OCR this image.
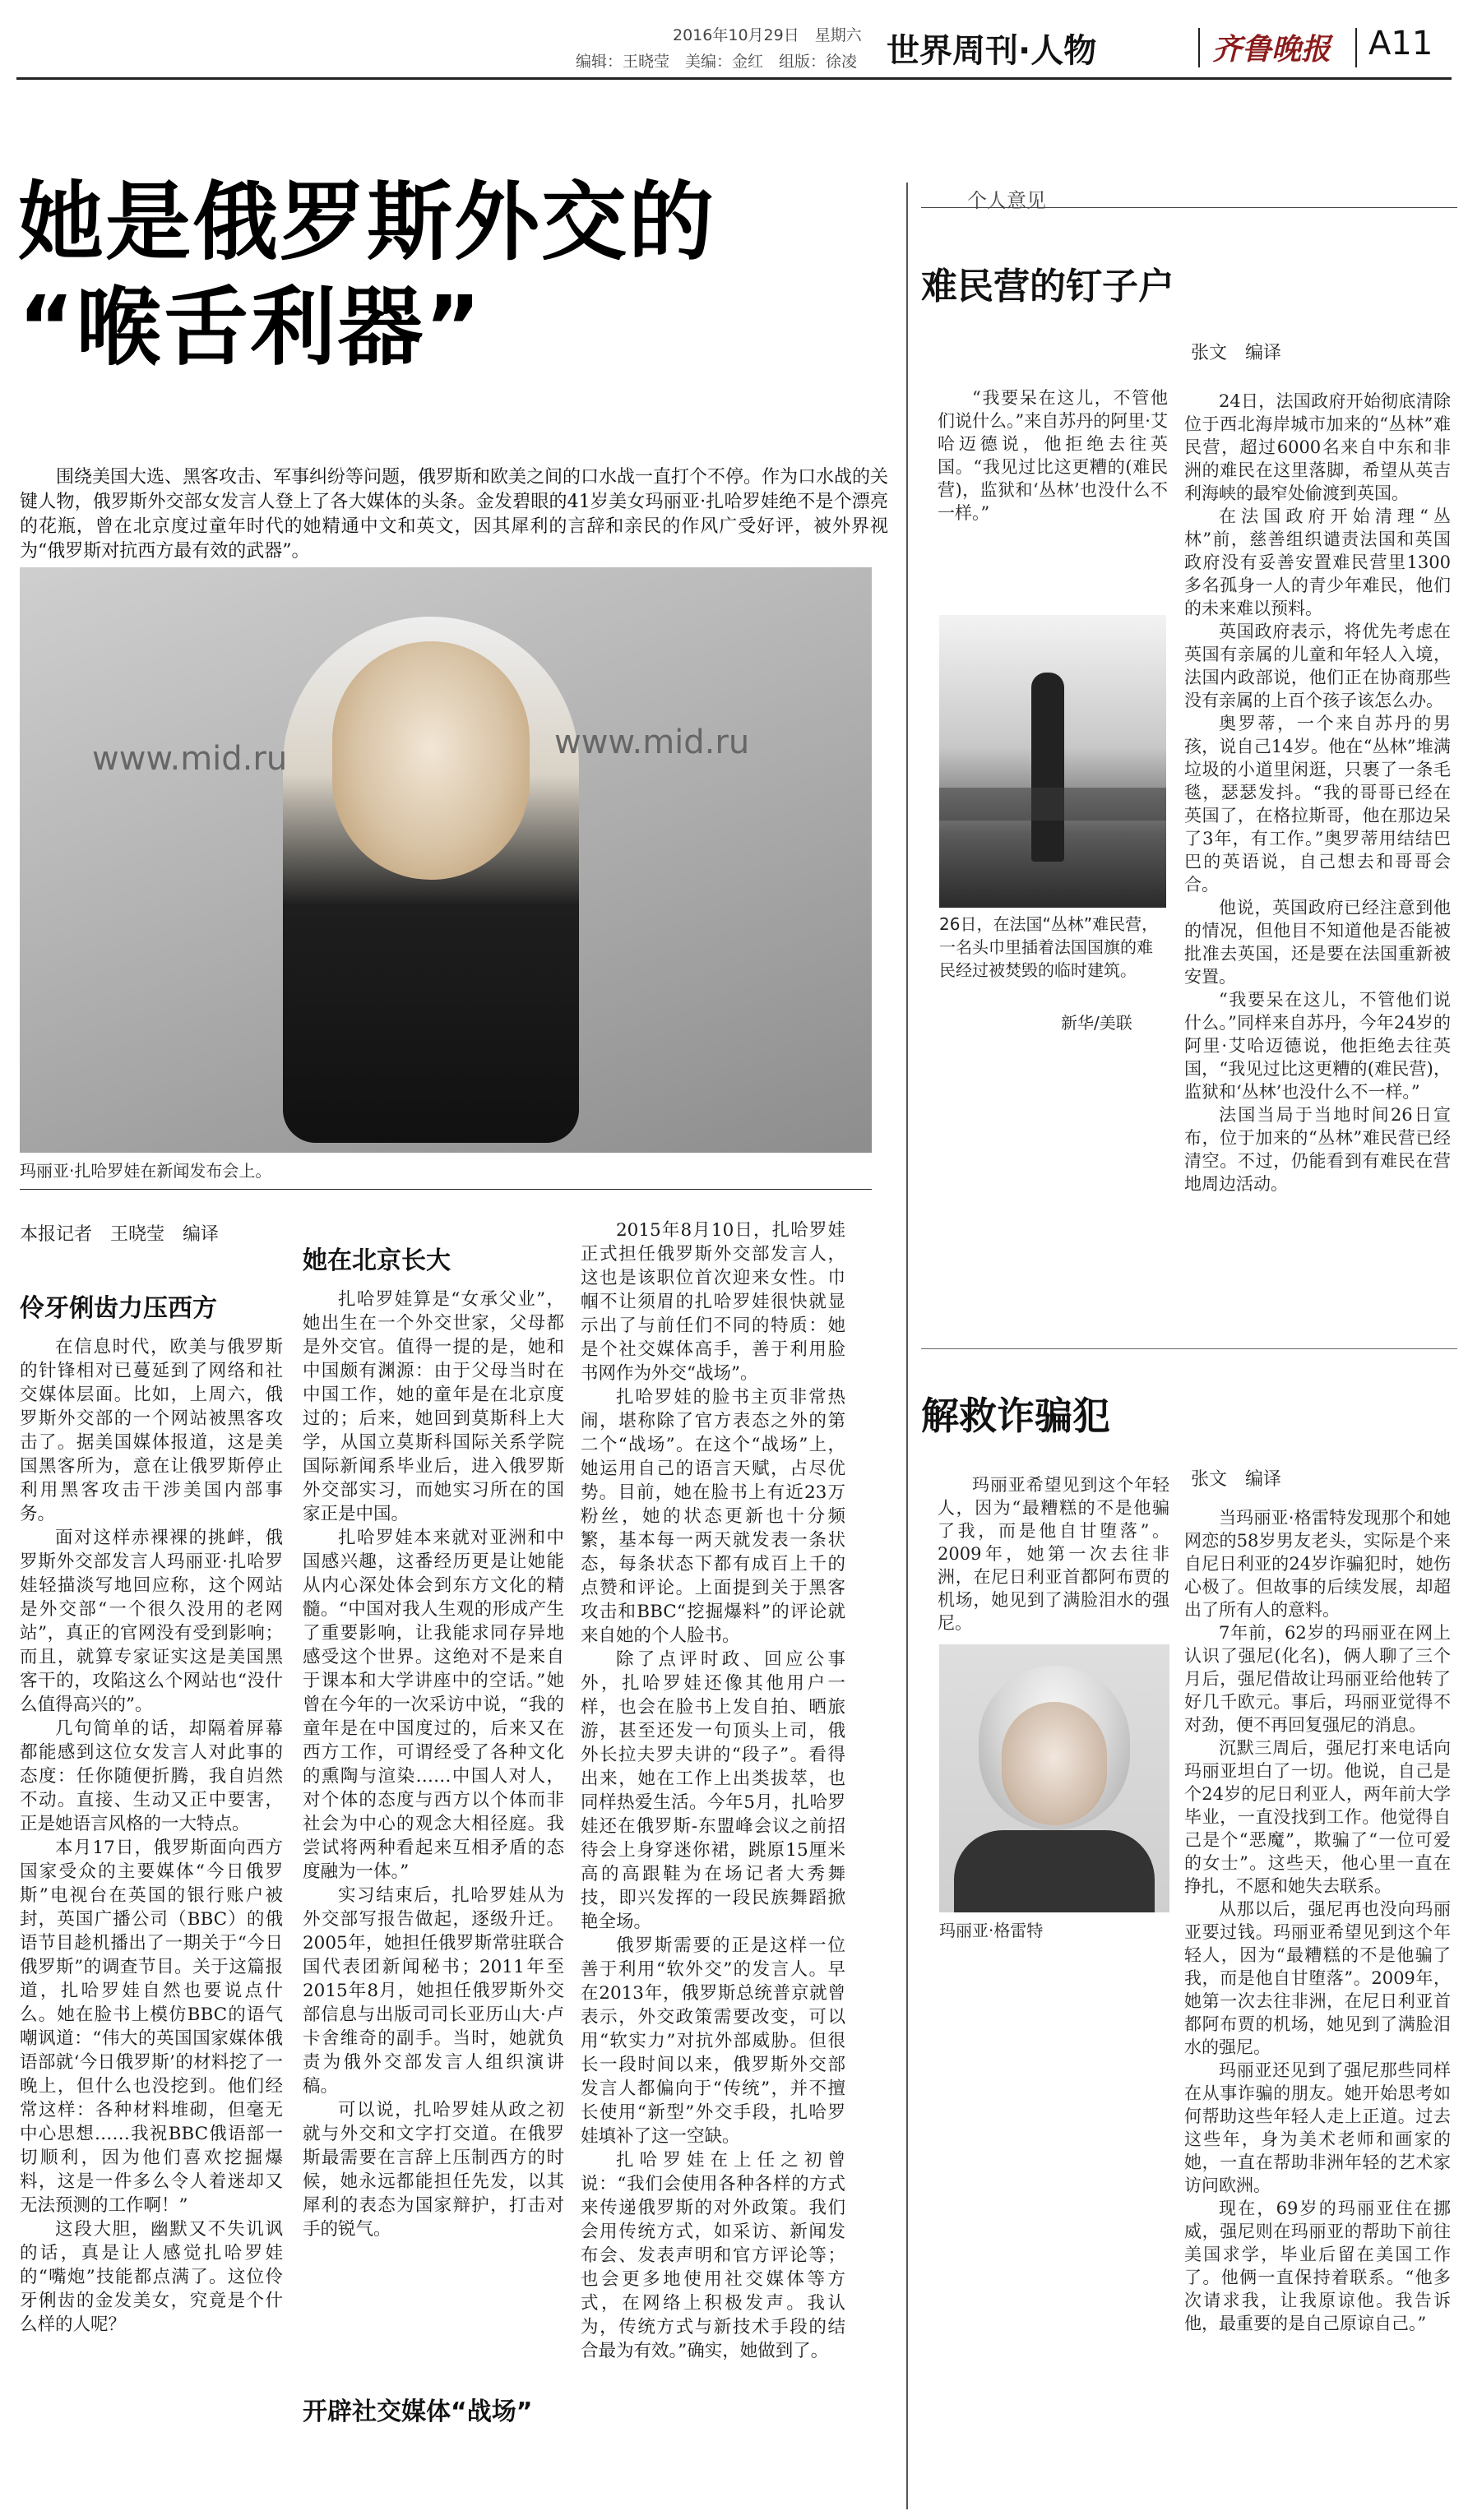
2016年10月29日　星期六
编辑：王晓莹　美编：金红　组版：徐凌 世界周刊·人物	齐鲁晚报 A11
她是俄罗斯外交的
“喉舌利器”
围绕美国大选、黑客攻击、军事纠纷等问题，俄罗斯和欧美之间的口水战一直打个不停。作为口水战的关键人物，俄罗斯外交部女发言人登上了各大媒体的头条。金发碧眼的41岁美女玛丽亚·扎哈罗娃绝不是个漂亮的花瓶，曾在北京度过童年时代的她精通中文和英文，因其犀利的言辞和亲民的作风广受好评，被外界视为“俄罗斯对抗西方最有效的武器”。
www.mid.ru	www.mid.ru
玛丽亚·扎哈罗娃在新闻发布会上。
本报记者　王晓莹　编译
伶牙俐齿力压西方

在信息时代，欧美与俄罗斯的针锋相对已蔓延到了网络和社交媒体层面。比如，上周六，俄罗斯外交部的一个网站被黑客攻击了。据美国媒体报道，这是美国黑客所为，意在让俄罗斯停止利用黑客攻击干涉美国内部事务。

面对这样赤裸裸的挑衅，俄罗斯外交部发言人玛丽亚·扎哈罗娃轻描淡写地回应称，这个网站是外交部“一个很久没用的老网站”，真正的官网没有受到影响；而且，就算专家证实这是美国黑客干的，攻陷这么个网站也“没什么值得高兴的”。

几句简单的话，却隔着屏幕都能感到这位女发言人对此事的态度：任你随便折腾，我自岿然不动。直接、生动又正中要害，正是她语言风格的一大特点。

本月17日，俄罗斯面向西方国家受众的主要媒体“今日俄罗斯”电视台在英国的银行账户被封，英国广播公司（BBC）的俄语节目趁机播出了一期关于“今日俄罗斯”的调查节目。关于这篇报道，扎哈罗娃自然也要说点什么。她在脸书上模仿BBC的语气嘲讽道：“伟大的英国国家媒体俄语部就‘今日俄罗斯’的材料挖了一晚上，但什么也没挖到。他们经常这样：各种材料堆砌，但毫无中心思想……我祝BBC俄语部一切顺利，因为他们喜欢挖掘爆料，这是一件多么令人着迷却又无法预测的工作啊！”

这段大胆，幽默又不失讥讽的话，真是让人感觉扎哈罗娃的“嘴炮”技能都点满了。这位伶牙俐齿的金发美女，究竟是个什么样的人呢？

她在北京长大

扎哈罗娃算是“女承父业”，她出生在一个外交世家，父母都是外交官。值得一提的是，她和中国颇有渊源：由于父母当时在中国工作，她的童年是在北京度过的；后来，她回到莫斯科上大学，从国立莫斯科国际关系学院国际新闻系毕业后，进入俄罗斯外交部实习，而她实习所在的国家正是中国。

扎哈罗娃本来就对亚洲和中国感兴趣，这番经历更是让她能从内心深处体会到东方文化的精髓。“中国对我人生观的形成产生了重要影响，让我能求同存异地感受这个世界。这绝对不是来自于课本和大学讲座中的空话。”她曾在今年的一次采访中说，“我的童年是在中国度过的，后来又在西方工作，可谓经受了各种文化的熏陶与渲染……中国人对人，对个体的态度与西方以个体而非社会为中心的观念大相径庭。我尝试将两种看起来互相矛盾的态度融为一体。”

实习结束后，扎哈罗娃从为外交部写报告做起，逐级升迁。2005年，她担任俄罗斯常驻联合国代表团新闻秘书；2011年至2015年8月，她担任俄罗斯外交部信息与出版司司长亚历山大·卢卡舍维奇的副手。当时，她就负责为俄外交部发言人组织演讲稿。

可以说，扎哈罗娃从政之初就与外交和文字打交道。在俄罗斯最需要在言辞上压制西方的时候，她永远都能担任先发，以其犀利的表态为国家辩护，打击对手的锐气。

开辟社交媒体“战场”

2015年8月10日，扎哈罗娃正式担任俄罗斯外交部发言人，这也是该职位首次迎来女性。巾帼不让须眉的扎哈罗娃很快就显示出了与前任们不同的特质：她是个社交媒体高手，善于利用脸书网作为外交“战场”。

扎哈罗娃的脸书主页非常热闹，堪称除了官方表态之外的第二个“战场”。在这个“战场”上，她运用自己的语言天赋，占尽优势。目前，她在脸书上有近23万粉丝，她的状态更新也十分频繁，基本每一两天就发表一条状态，每条状态下都有成百上千的点赞和评论。上面提到关于黑客攻击和BBC“挖掘爆料”的评论就来自她的个人脸书。

除了点评时政、回应公事外，扎哈罗娃还像其他用户一样，也会在脸书上发自拍、晒旅游，甚至还发一句顶头上司，俄外长拉夫罗夫讲的“段子”。看得出来，她在工作上出类拔萃，也同样热爱生活。今年5月，扎哈罗娃还在俄罗斯-东盟峰会议之前招待会上身穿迷你裙，跳原15厘米高的高跟鞋为在场记者大秀舞技，即兴发挥的一段民族舞蹈掀艳全场。

俄罗斯需要的正是这样一位善于利用“软外交”的发言人。早在2013年，俄罗斯总统普京就曾表示，外交政策需要改变，可以用“软实力”对抗外部威胁。但很长一段时间以来，俄罗斯外交部发言人都偏向于“传统”，并不擅长使用“新型”外交手段，扎哈罗娃填补了这一空缺。

扎哈罗娃在上任之初曾说：“我们会使用各种各样的方式来传递俄罗斯的对外政策。我们会用传统方式，如采访、新闻发布会、发表声明和官方评论等；也会更多地使用社交媒体等方式，在网络上积极发声。我认为，传统方式与新技术手段的结合最为有效。”确实，她做到了。

个人意见
难民营的钉子户
张文　编译
“我要呆在这儿，不管他们说什么。”来自苏丹的阿里·艾哈迈德说，他拒绝去往英国。“我见过比这更糟的(难民营)，监狱和‘丛林’也没什么不一样。”
26日，在法国“丛林”难民营，一名头巾里插着法国国旗的难民经过被焚毁的临时建筑。
新华/美联

24日，法国政府开始彻底清除位于西北海岸城市加来的“丛林”难民营，超过6000名来自中东和非洲的难民在这里落脚，希望从英吉利海峡的最窄处偷渡到英国。

在法国政府开始清理“丛林”前，慈善组织谴责法国和英国政府没有妥善安置难民营里1300多名孤身一人的青少年难民，他们的未来难以预料。

英国政府表示，将优先考虑在英国有亲属的儿童和年轻人入境，法国内政部说，他们正在协商那些没有亲属的上百个孩子该怎么办。

奥罗蒂，一个来自苏丹的男孩，说自己14岁。他在“丛林”堆满垃圾的小道里闲逛，只裹了一条毛毯，瑟瑟发抖。“我的哥哥已经在英国了，在格拉斯哥，他在那边呆了3年，有工作。”奥罗蒂用结结巴巴的英语说，自己想去和哥哥会合。

他说，英国政府已经注意到他的情况，但他目不知道他是否能被批准去英国，还是要在法国重新被安置。

“我要呆在这儿，不管他们说什么。”同样来自苏丹，今年24岁的阿里·艾哈迈德说，他拒绝去往英国，“我见过比这更糟的(难民营)，监狱和‘丛林’也没什么不一样。”

法国当局于当地时间26日宣布，位于加来的“丛林”难民营已经清空。不过，仍能看到有难民在营地周边活动。

解救诈骗犯
张文　编译
玛丽亚希望见到这个年轻人，因为“最糟糕的不是他骗了我，而是他自甘堕落”。2009年，她第一次去往非洲，在尼日利亚首都阿布贾的机场，她见到了满脸泪水的强尼。
玛丽亚·格雷特

当玛丽亚·格雷特发现那个和她网恋的58岁男友老头，实际是个来自尼日利亚的24岁诈骗犯时，她伤心极了。但故事的后续发展，却超出了所有人的意料。

7年前，62岁的玛丽亚在网上认识了强尼(化名)，俩人聊了三个月后，强尼借故让玛丽亚给他转了好几千欧元。事后，玛丽亚觉得不对劲，便不再回复强尼的消息。

沉默三周后，强尼打来电话向玛丽亚坦白了一切。他说，自己是个24岁的尼日利亚人，两年前大学毕业，一直没找到工作。他觉得自己是个“恶魔”，欺骗了“一位可爱的女士”。这些天，他心里一直在挣扎，不愿和她失去联系。

从那以后，强尼再也没向玛丽亚要过钱。玛丽亚希望见到这个年轻人，因为“最糟糕的不是他骗了我，而是他自甘堕落”。2009年，她第一次去往非洲，在尼日利亚首都阿布贾的机场，她见到了满脸泪水的强尼。

玛丽亚还见到了强尼那些同样在从事诈骗的朋友。她开始思考如何帮助这些年轻人走上正道。过去这些年，身为美术老师和画家的她，一直在帮助非洲年轻的艺术家访问欧洲。

现在，69岁的玛丽亚住在挪威，强尼则在玛丽亚的帮助下前往美国求学，毕业后留在美国工作了。他俩一直保持着联系。“他多次请求我，让我原谅他。我告诉他，最重要的是自己原谅自己。”
